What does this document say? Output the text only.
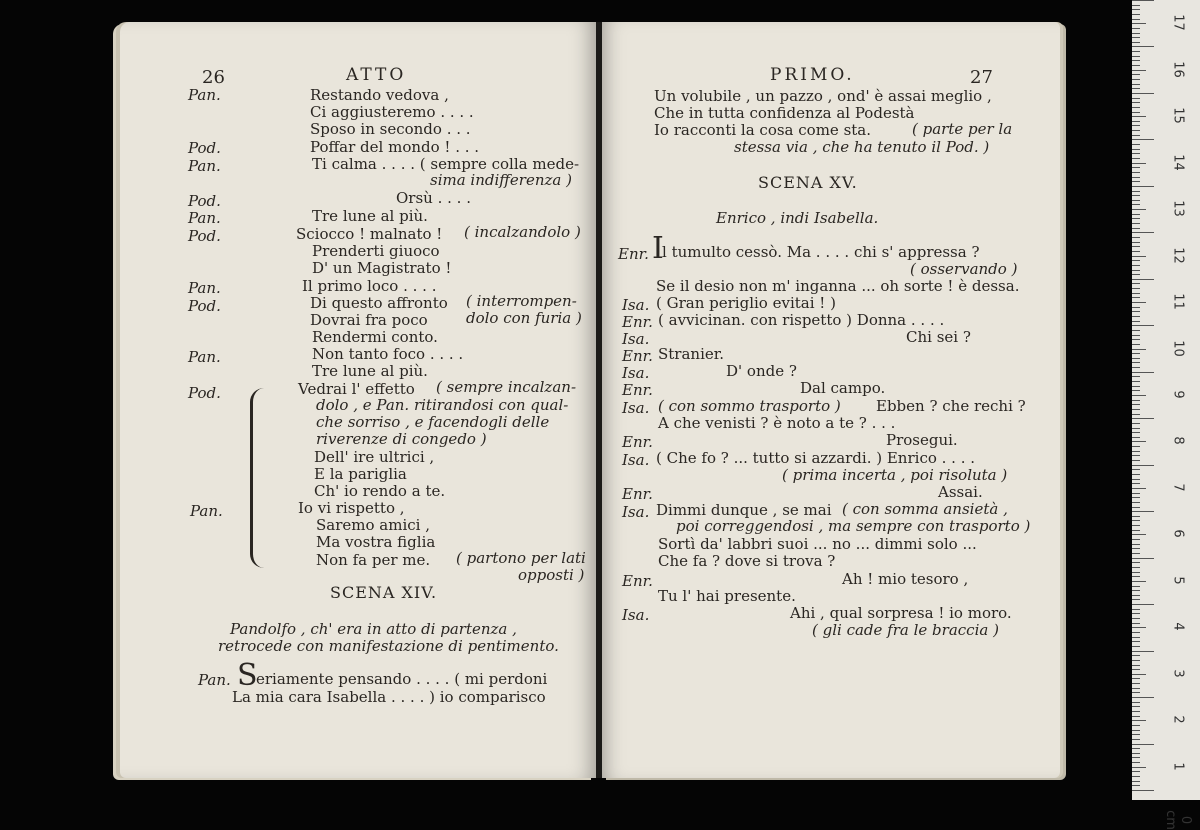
26	ATTO
Pan.	Restando vedova ,
Ci aggiusteremo . . . .
Sposo in secondo . . .
Pod.	Poffar del mondo ! . . .
Pan.	Ti calma . . . . ( sempre colla mede-
sima indifferenza )
Pod.	Orsù . . . .
Pan.	Tre lune al più.
Pod.	Sciocco ! malnato ! ( incalzandolo )
Prenderti giuoco
D' un Magistrato !
Pan.	Il primo loco . . . .
Pod.	Di questo affronto ( interrompen-
Dovrai fra poco	dolo con furia )
Rendermi conto.
Pan.	Non tanto foco . . . .
Tre lune al più.
Pod.	Vedrai l' effetto ( sempre incalzan-
dolo , e Pan. ritirandosi con qual-
che sorriso , e facendogli delle
riverenze di congedo )
Dell' ire ultrici ,
E la pariglia
Ch' io rendo a te.
Pan.	Io vi rispetto ,
Saremo amici ,
Ma vostra figlia
Non fa per me. ( partono per lati
opposti )
SCENA XIV.
Pandolfo , ch' era in atto di partenza ,
retrocede con manifestazione di pentimento.
Pan. S
eriamente pensando . . . . ( mi perdoni
La mia cara Isabella . . . . ) io comparisco
PRIMO.	27
Un volubile , un pazzo , ond' è assai meglio ,
Che in tutta confidenza al Podestà
Io racconti la cosa come sta.	( parte per la
stessa via , che ha tenuto il Pod. )
SCENA XV.
Enrico , indi Isabella.
Enr. I
l tumulto cessò. Ma . . . . chi s' appressa ?
( osservando )
Se il desio non m' inganna ... oh sorte ! è dessa.
Isa. ( Gran periglio evitai ! )
Enr. ( avvicinan. con rispetto ) Donna . . . .
Isa.	Chi sei ?
Enr. Stranier.
Isa.	D' onde ?
Enr.	Dal campo.
Isa. ( con sommo trasporto ) Ebben ? che rechi ?
A che venisti ? è noto a te ? . . .
Enr.	Prosegui.
Isa. ( Che fo ? ... tutto si azzardi. ) Enrico . . . .
( prima incerta , poi risoluta )
Enr.	Assai.
Isa. Dimmi dunque , se mai ( con somma ansietà ,
poi correggendosi , ma sempre con trasporto )
Sortì da' labbri suoi ... no ... dimmi solo ...
Che fa ? dove si trova ?
Enr.	Ah ! mio tesoro ,
Tu l' hai presente.
Isa.	Ahi , qual sorpresa ! io moro.
( gli cade fra le braccia )
17
16
15
14
13
12
11
10
9
8
7
6
5
4
3
2
1
0 cm
